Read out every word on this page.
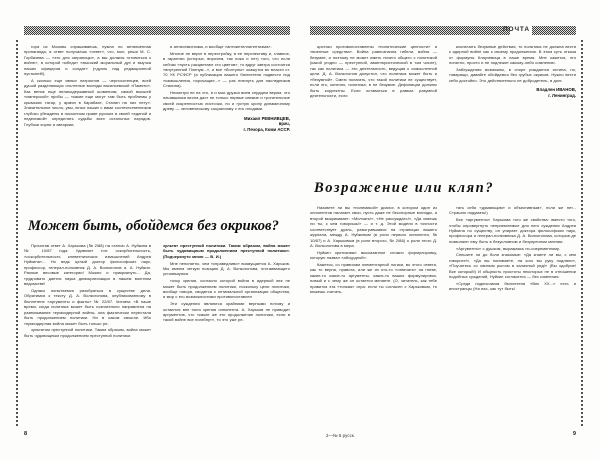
гора из Москвы спрашиваешь, нужна ли антивоенная пропаганда, в ответ получаешь «ответ», что, мол, реши М. С. Горбачева — «это для заграницы», а мы должны готовиться к войне», в которой победит «высокий моральный дух и выучка наших офицеров и солдат» («дуэль над редакционной пустыней!).

А сколько еще явных патриотов — черносотенцев, всей душой разделяющих оголтелые взгляды васильевской «Памяти». Как велик еще великодержавный шовинизм, самой высшей «имперской» пробы — «какие еще могут там быть проблемы у крымских татар, у армян в Карабахе, Сталин на них нету». Значительное число, увы, юных наших с вами соотечественников глубоко убеждены в посконном праве русских в своей «единой и неделимой» определять судьбы всех остальных народов. Глубоки корни и автаркии,

и антисемитизма, и вообще «антиинтеллигентизма».

Многие не верят в перестройку, в ее перспективу и, главное, в гарантии (которых, впрочем, так пока и нет) того, что если сейчас «пусть расцветают сто цветов», то вдруг завтра состоится «внутренний Пленум...», и все «болтуны» окажутся во власти ст. 70 УК РСФСР (а публикация вашего бюллетеня подвести под «измышления, порочащие...» — раз плюнуть для наследников Сталина).

Несмотря ни на что, я и мои друзья всем сердцем верим, что начавшаяся весна даст не только первые свежие и трогательные своей искренностью листочки, но и густую крону динамичному древу — человеческому социализму с его плодами.

Михаил РЕВНИВЦЕВ,
врач,
г. Печора, Коми АССР.
Может быть, обойдемся без окриков?

Прочитав ответ А. Харькова (№ 2/88) на статью А. Нуйкина в № 10/87 года. Удивляет тон: оскорбительность, «оскорбительность клеветнических измышлений Андрея Нуйкина»... Но ведь целый доктор философских наук, профессор, генерал-полковник Д. А. Волкогонов и. А. Нуйкин. Разные весовые категории! Можно и прикрикнуть... Да, трудновато дается наука демократизации в нашем военном ведомстве!

Однако попытаемся разобраться в существе дела. Обратимся к тексту Д. А. Волкогонова, опубликованному в бюллетене «аргументы и факты» № 22/87. Читаем: «В наше время, когда политика может быть сознательно направлена на развязывание термоядерной войны, она фактически перестала быть продолжением политики. Ни в каком смысле. Ибо термоядерная война может быть только ре-

зультатом преступной политики. Таким образом, война может быть чудовищным продолжением преступной политики

зультат преступной политики. Таким образом, война может быть чудовищным продолжением преступной политики». (Подчеркнуто мною — В. И.)

Мне непонятно, чем «справедливо» возмущается А. Харьков. Мы имеем четкую позицию Д. А. Волкогонова, отстаивающего устоявшуюся

точку зрения, согласно которой война в ядерный век не может быть продолжением политики, поскольку цели политики, вообще говоря, сводятся к оптимальной организации общества, и мир с его возможностями противопоставлен

Эти суждения являются крайними верными потому и остаются вне поля зрения оппонента. А. Харьков не приводит аргументов, что «какое же это продолжение политики, если в такой войне все погибнут», то это уже ре-

8
ПОЧТА

цистски противопоставлены «политические ценности» и «военные средства». Война равнозначна гибели, война — безумие, и поэтому не может иметь ничего общего с политикой (какой угодно — преступной, авантюристической в том числе), так как политика — это деятельность, ведущая к осмысленной цели. Д. А. Волкогонов допустил, что политика может быть и «безумной». Смею полагать, что такой политики не существует, если это, конечно, политика, в не безумие. Дефиниции должны быть корректны. Если оставаться в рамках разумной деятельности, если

исключить безумные действия, то политика не должна вести к ядерной войне как к своему продолжению. В этом суть отказа от формулы Клаузевица в наше время. Мне кажется, это понятно, просто и не подлежит какому-либо сомнению.

Заблуждения возможны, в споре рождается истина, но, товарищи, давайте обойдемся без грубых окриков. Нужно вести себя достойно. Это действительно не добродетель, в долг.

Владлен ИВАНОВ,
г. Ленинград.
Возражение или кляп?

Назовете ли вы «полемикой» диалог, в котором один из оппонентов налагает свои, пусть даже не бесспорные взгляды, а второй выкрикивает: «Молчать!», «Не рассуждать!», «Да знаешь ли ты, с кем говоришь!» — и т. д. Этой модели в точности соответствует дуэль, разыгравшаяся на страницах вашего журнала, между А. Нуйкиным (в роли первого оппонента, № 10/87) и А. Харьковым (в роли второго, № 2/88) о роли этого Д. А. Волкогонова в мера.

Нуйкин критиковал высказанное сложно формулировку, которую назвал «абсурдной».

Кажется, со правилам элементарной логики, во этого ответа, как то верна, правота, или же их кто-то «отвечать» на гневе, какие-то какие-то аргументы, каких-то ваших формулировок, новый и с чему же он остается меняете. (О, читатель, как тебе нравится эта «тонкая» игра: если ты согласен с Харьковым, то можешь считать-

тать себя «думающим» и объективным», если же нет... Страшно подумать!)

Все «аргументы» Харькова того же свойства: вместо того, чтобы опровергнуть неприемлемые для него суждения Андрея Нуйкина по существу, он упирает доктора философских наук, профессора и генерал-полковника Д. А. Волкогонова, которые-де позволяют ему быть в безусловном и безупречном мнении.

«Аргументы» с душком, выражаясь по-современному.

Спешите ли до боли знакомые: «Да знаете ли вы, с кем говорите!», «Да вы понимаете, на кого вы руку подняли», «Поучитесь со свиным рылом в калачный ряд!» (Вы одобряе! Все который!) И общность простоты некоторых не в отношении подобных суждений, Нуйкин согласится — без сомнения.

«Среди подписчиков бюллетеня «Век XX...» есть и иностранцы (На нас, как тут быть!

2—№ 5 русск.	9
